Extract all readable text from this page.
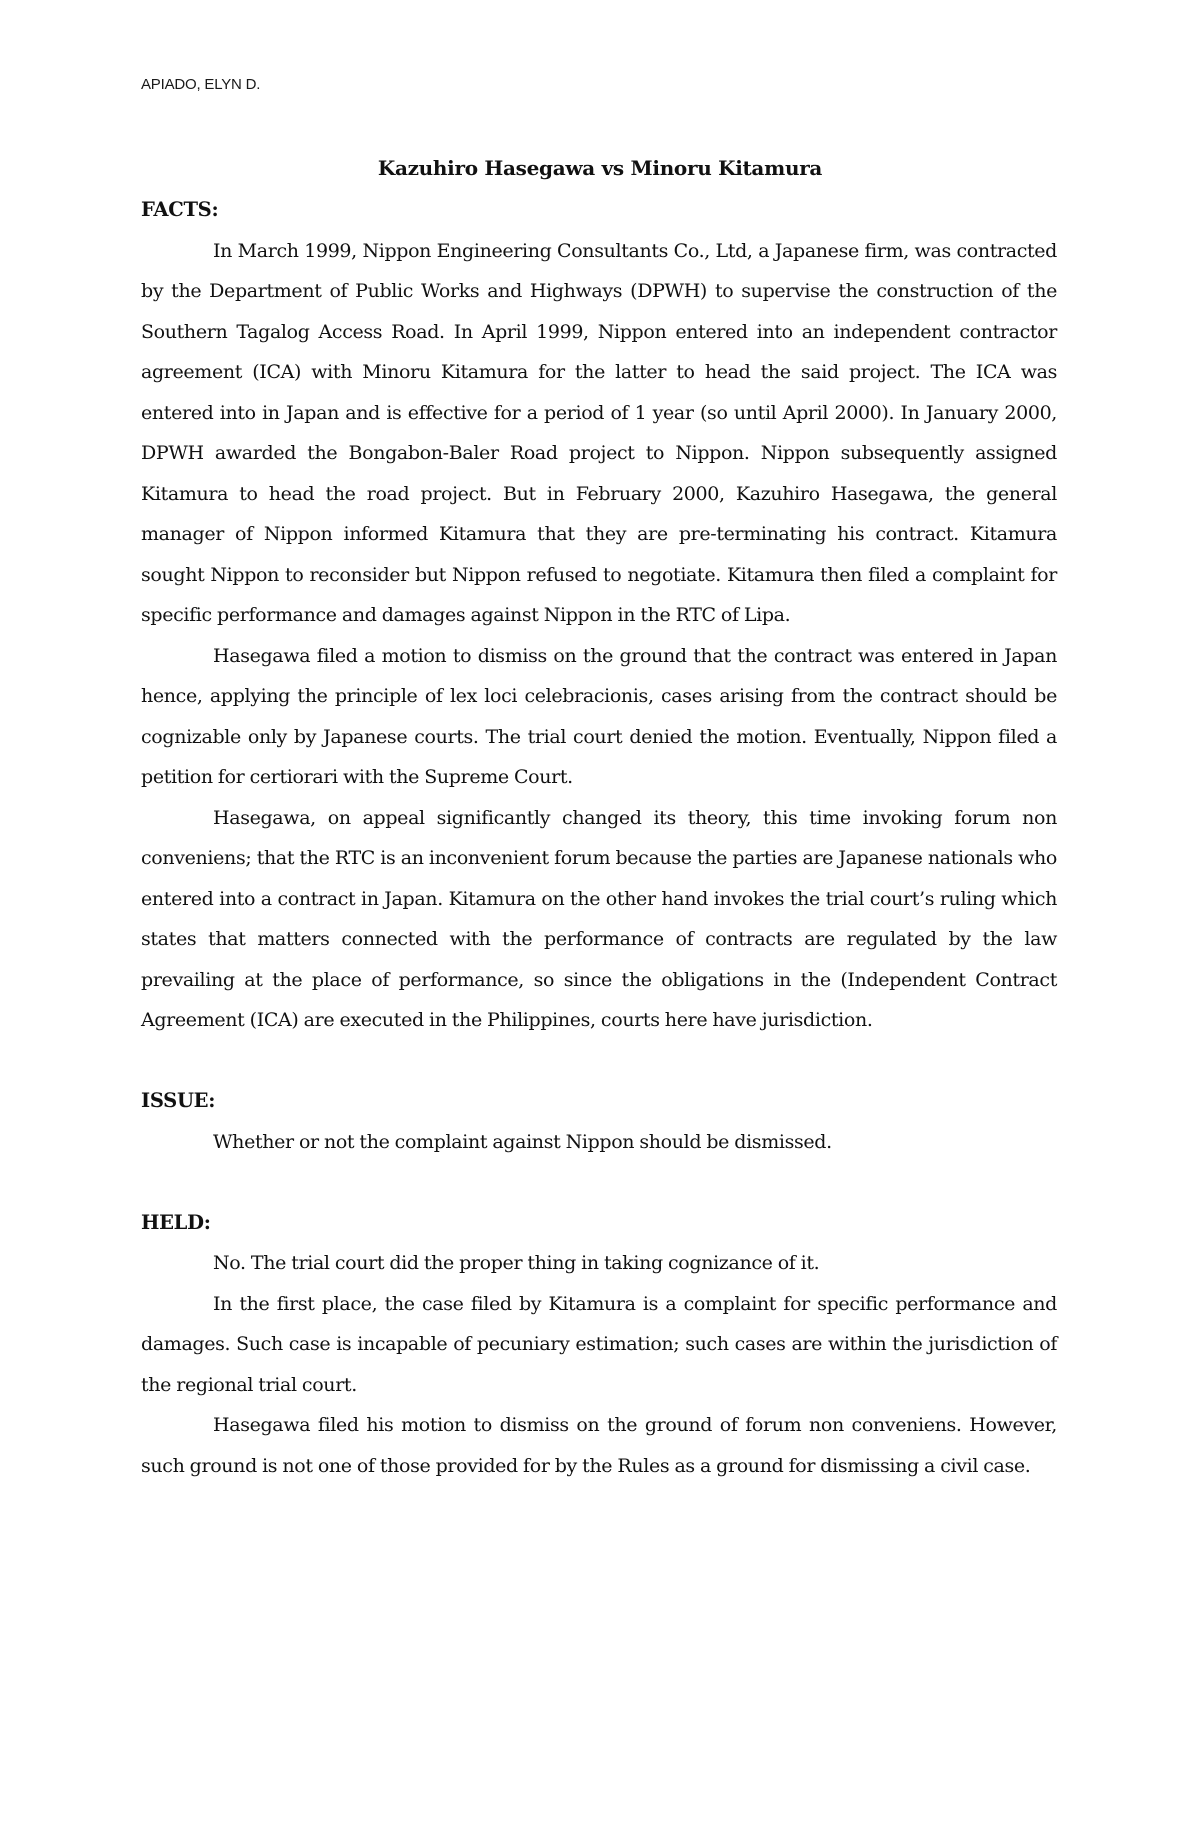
APIADO, ELYN D.
Kazuhiro Hasegawa vs Minoru Kitamura
FACTS:

In March 1999, Nippon Engineering Consultants Co., Ltd, a Japanese firm, was contracted by the Department of Public Works and Highways (DPWH) to supervise the construction of the Southern Tagalog Access Road. In April 1999, Nippon entered into an independent contractor agreement (ICA) with Minoru Kitamura for the latter to head the said project. The ICA was entered into in Japan and is effective for a period of 1 year (so until April 2000). In January 2000, DPWH awarded the Bongabon-Baler Road project to Nippon. Nippon subsequently assigned Kitamura to head the road project. But in February 2000, Kazuhiro Hasegawa, the general manager of Nippon informed Kitamura that they are pre-terminating his contract. Kitamura sought Nippon to reconsider but Nippon refused to negotiate. Kitamura then filed a complaint for specific performance and damages against Nippon in the RTC of Lipa.

Hasegawa filed a motion to dismiss on the ground that the contract was entered in Japan hence, applying the principle of lex loci celebracionis, cases arising from the contract should be cognizable only by Japanese courts. The trial court denied the motion. Eventually, Nippon filed a petition for certiorari with the Supreme Court.

Hasegawa, on appeal significantly changed its theory, this time invoking forum non conveniens; that the RTC is an inconvenient forum because the parties are Japanese nationals who entered into a contract in Japan. Kitamura on the other hand invokes the trial court’s ruling which states that matters connected with the performance of contracts are regulated by the law prevailing at the place of performance, so since the obligations in the (Independent Contract Agreement (ICA) are executed in the Philippines, courts here have jurisdiction.

ISSUE:

Whether or not the complaint against Nippon should be dismissed.

HELD:

No. The trial court did the proper thing in taking cognizance of it.

In the first place, the case filed by Kitamura is a complaint for specific performance and damages. Such case is incapable of pecuniary estimation; such cases are within the jurisdiction of the regional trial court.

Hasegawa filed his motion to dismiss on the ground of forum non conveniens. However, such ground is not one of those provided for by the Rules as a ground for dismissing a civil case.
